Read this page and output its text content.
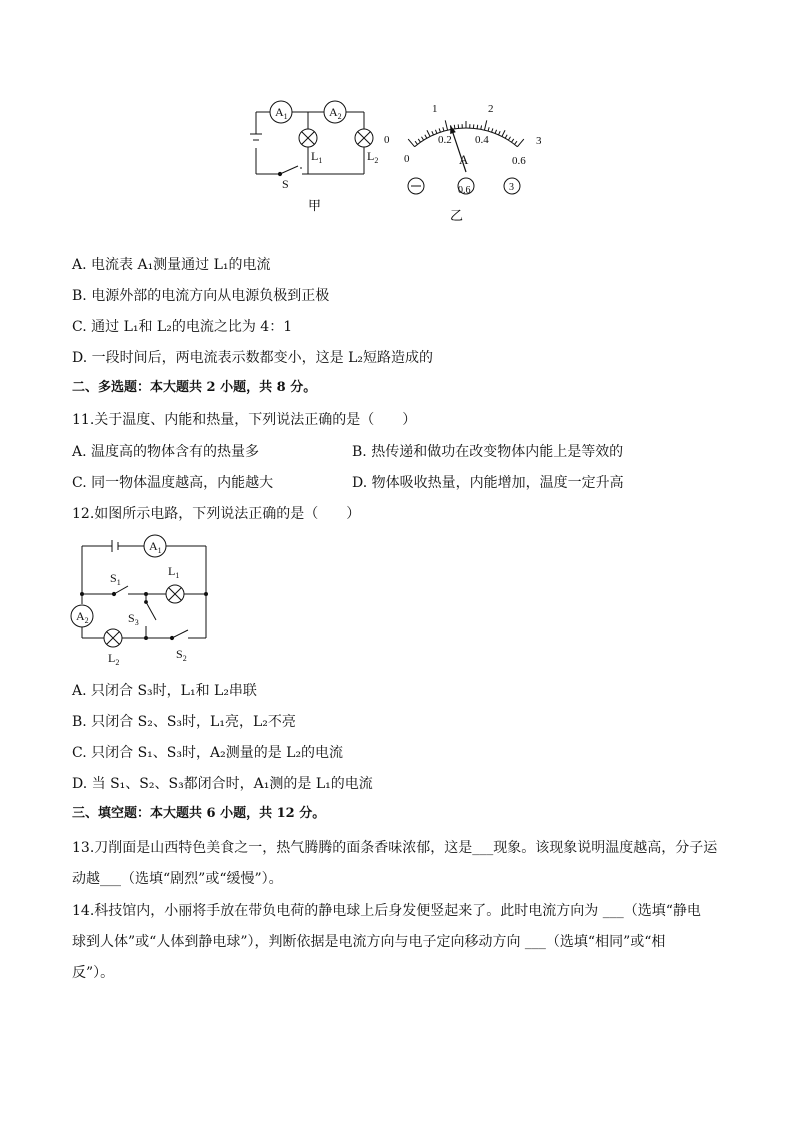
$A_1$	$A_2$
$L_1$	$L_2$
S
甲
0
1	2
3
0
0.2 0.4
0.6
A
0.6	3
乙
A. 电流表 A₁测量通过 L₁的电流
B. 电源外部的电流方向从电源负极到正极
C. 通过 L₁和 L₂的电流之比为 4：1
D. 一段时间后，两电流表示数都变小，这是 L₂短路造成的
二、多选题：本大题共 2 小题，共 8 分。
11.关于温度、内能和热量，下列说法正确的是（　　）
A. 温度高的物体含有的热量多	B. 热传递和做功在改变物体内能上是等效的
C. 同一物体温度越高，内能越大	D. 物体吸收热量，内能增加，温度一定升高
12.如图所示电路，下列说法正确的是（　　）
$A_1$
$A_2$
$S_1$
$L_1$
$S_3$
$S_2$
$L_2$
A. 只闭合 S₃时，L₁和 L₂串联
B. 只闭合 S₂、S₃时，L₁亮，L₂不亮
C. 只闭合 S₁、S₃时，A₂测量的是 L₂的电流
D. 当 S₁、S₂、S₃都闭合时，A₁测的是 L₁的电流
三、填空题：本大题共 6 小题，共 12 分。
13.刀削面是山西特色美食之一，热气腾腾的面条香味浓郁，这是___现象。该现象说明温度越高，分子运
动越___（选填“剧烈”或“缓慢”）。
14.科技馆内，小丽将手放在带负电荷的静电球上后身发便竖起来了。此时电流方向为 ___（选填“静电
球到人体”或“人体到静电球”），判断依据是电流方向与电子定向移动方向 ___（选填“相同”或“相
反”）。
